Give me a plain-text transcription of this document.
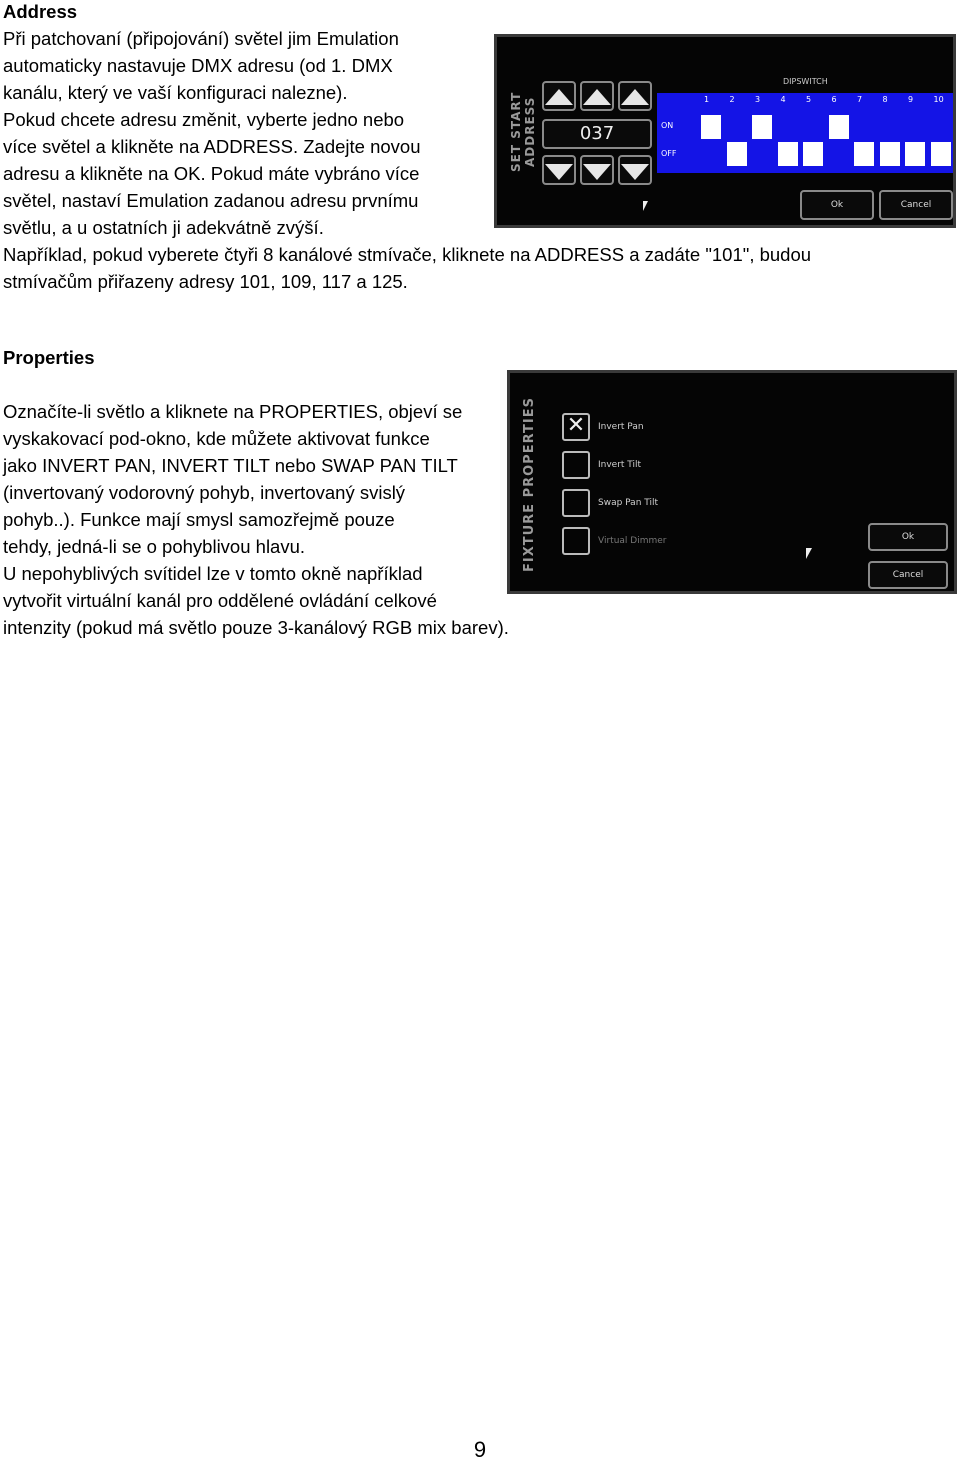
Address

Při patchovaní (připojování) světel jim Emulation

automaticky nastavuje DMX adresu (od 1. DMX

kanálu, který ve vaší konfiguraci nalezne).

Pokud chcete adresu změnit, vyberte jedno nebo

více světel a klikněte na ADDRESS. Zadejte novou

adresu a klikněte na OK. Pokud máte vybráno více

světel, nastaví Emulation zadanou adresu prvnímu

světlu, a u ostatních ji adekvátně zvýší.

Například, pokud vyberete čtyři 8 kanálové stmívače, kliknete na ADDRESS a zadáte "101", budou

stmívačům přiřazeny adresy 101, 109, 117 a 125.

SET START ADDRESS	037
DIPSWITCH
ON
OFF
1	2	3	4	5	6	7	8	9	10
Ok	Cancel

Properties

Označíte-li světlo a kliknete na PROPERTIES, objeví se

vyskakovací pod-okno, kde můžete aktivovat funkce

jako INVERT PAN, INVERT TILT nebo SWAP PAN TILT

(invertovaný vodorovný pohyb, invertovaný svislý

pohyb..). Funkce mají smysl samozřejmě pouze

tehdy, jedná-li se o pohyblivou hlavu.

U nepohyblivých svítidel lze v tomto okně například

vytvořit virtuální kanál pro oddělené ovládání celkové

intenzity (pokud má světlo pouze 3-kanálový RGB mix barev).

FIXTURE PROPERTIES ✕	Invert Pan
Invert Tilt
Swap Pan Tilt
Virtual Dimmer	Ok
Cancel
9
